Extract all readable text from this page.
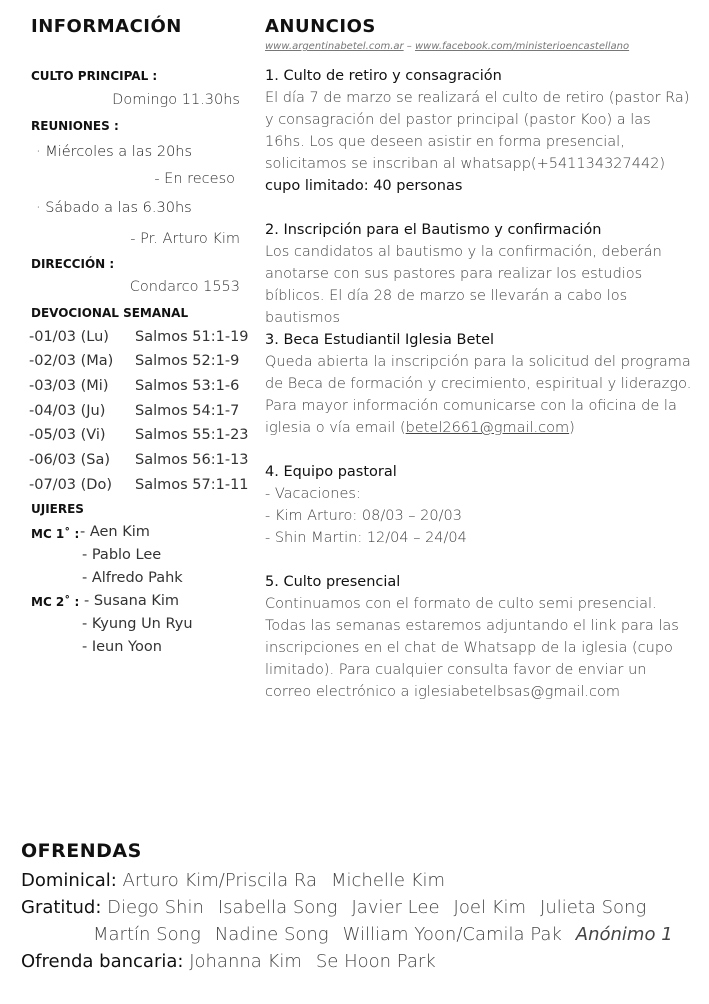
INFORMACIÓN
CULTO PRINCIPAL :
Domingo 11.30hs
REUNIONES :
· Miércoles a las 20hs
- En receso
· Sábado a las 6.30hs
- Pr. Arturo Kim
DIRECCIÓN :
Condarco 1553
DEVOCIONAL SEMANAL
-01/03 (Lu) Salmos 51:1-19
-02/03 (Ma) Salmos 52:1-9
-03/03 (Mi) Salmos 53:1-6
-04/03 (Ju) Salmos 54:1-7
-05/03 (Vi) Salmos 55:1-23
-06/03 (Sa) Salmos 56:1-13
-07/03 (Do) Salmos 57:1-11
UJIERES
MC 1˚ : - Aen Kim
- Pablo Lee
- Alfredo Pahk
MC 2˚ : - Susana Kim
- Kyung Un Ryu
- Ieun Yoon
ANUNCIOS
www.argentinabetel.com.ar – www.facebook.com/ministerioencastellano

1. Culto de retiro y consagración

El día 7 de marzo se realizará el culto de retiro (pastor Ra) y consagración del pastor principal (pastor Koo) a las 16hs. Los que deseen asistir en forma presencial, solicitamos se inscriban al whatsapp(+541134327442)

cupo limitado: 40 personas

2. Inscripción para el Bautismo y confirmación

Los candidatos al bautismo y la confirmación, deberán anotarse con sus pastores para realizar los estudios bíblicos. El día 28 de marzo se llevarán a cabo los bautismos

3. Beca Estudiantil Iglesia Betel

Queda abierta la inscripción para la solicitud del programa de Beca de formación y crecimiento, espiritual y liderazgo. Para mayor información comunicarse con la oficina de la iglesia o vía email (betel2661@gmail.com)

4. Equipo pastoral

- Vacaciones:

- Kim Arturo: 08/03 – 20/03

- Shin Martin: 12/04 – 24/04

5. Culto presencial

Continuamos con el formato de culto semi presencial. Todas las semanas estaremos adjuntando el link para las inscripciones en el chat de Whatsapp de la iglesia (cupo limitado). Para cualquier consulta favor de enviar un correo electrónico a iglesiabetelbsas@gmail.com

OFRENDAS
Dominical: Arturo Kim/Priscila Ra Michelle Kim
Gratitud: Diego Shin Isabella Song Javier Lee Joel Kim Julieta Song
Martín Song Nadine Song William Yoon/Camila Pak Anónimo 1
Ofrenda bancaria: Johanna Kim Se Hoon Park
